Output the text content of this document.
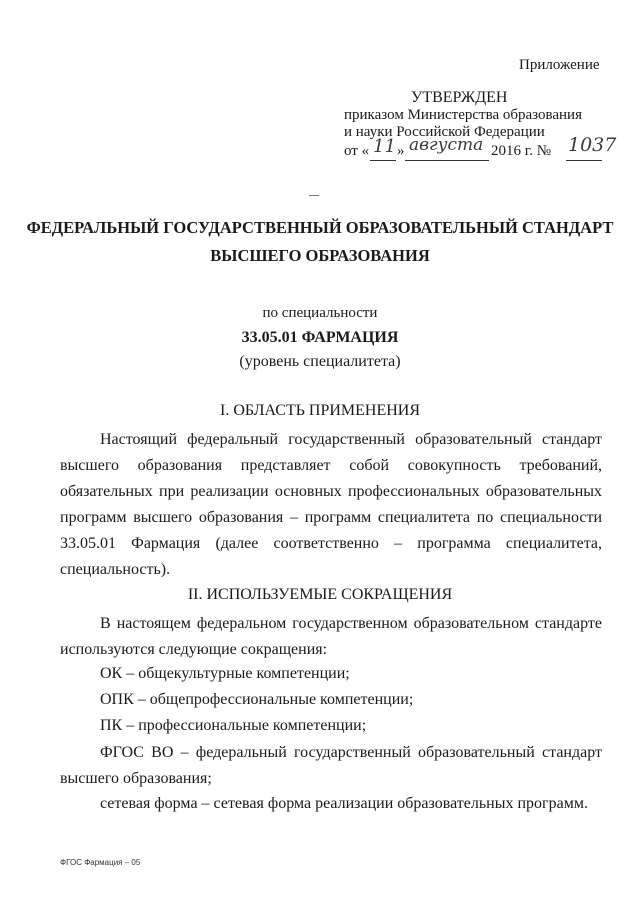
Приложение
УТВЕРЖДЕН
приказом Министерства образования
и науки Российской Федерации
от « 11 » августа 2016 г. № 1037
ФЕДЕРАЛЬНЫЙ ГОСУДАРСТВЕННЫЙ ОБРАЗОВАТЕЛЬНЫЙ СТАНДАРТ
ВЫСШЕГО ОБРАЗОВАНИЯ
по специальности
33.05.01 ФАРМАЦИЯ
(уровень специалитета)
I. ОБЛАСТЬ ПРИМЕНЕНИЯ
Настоящий федеральный государственный образовательный стандарт высшего образования представляет собой совокупность требований, обязательных при реализации основных профессиональных образовательных программ высшего образования – программ специалитета по специальности 33.05.01 Фармация (далее соответственно – программа специалитета, специальность).
II. ИСПОЛЬЗУЕМЫЕ СОКРАЩЕНИЯ
В настоящем федеральном государственном образовательном стандарте используются следующие сокращения:
ОК – общекультурные компетенции;
ОПК – общепрофессиональные компетенции;
ПК – профессиональные компетенции;
ФГОС ВО – федеральный государственный образовательный стандарт высшего образования;
сетевая форма – сетевая форма реализации образовательных программ.
ФГОС Фармация – 05
